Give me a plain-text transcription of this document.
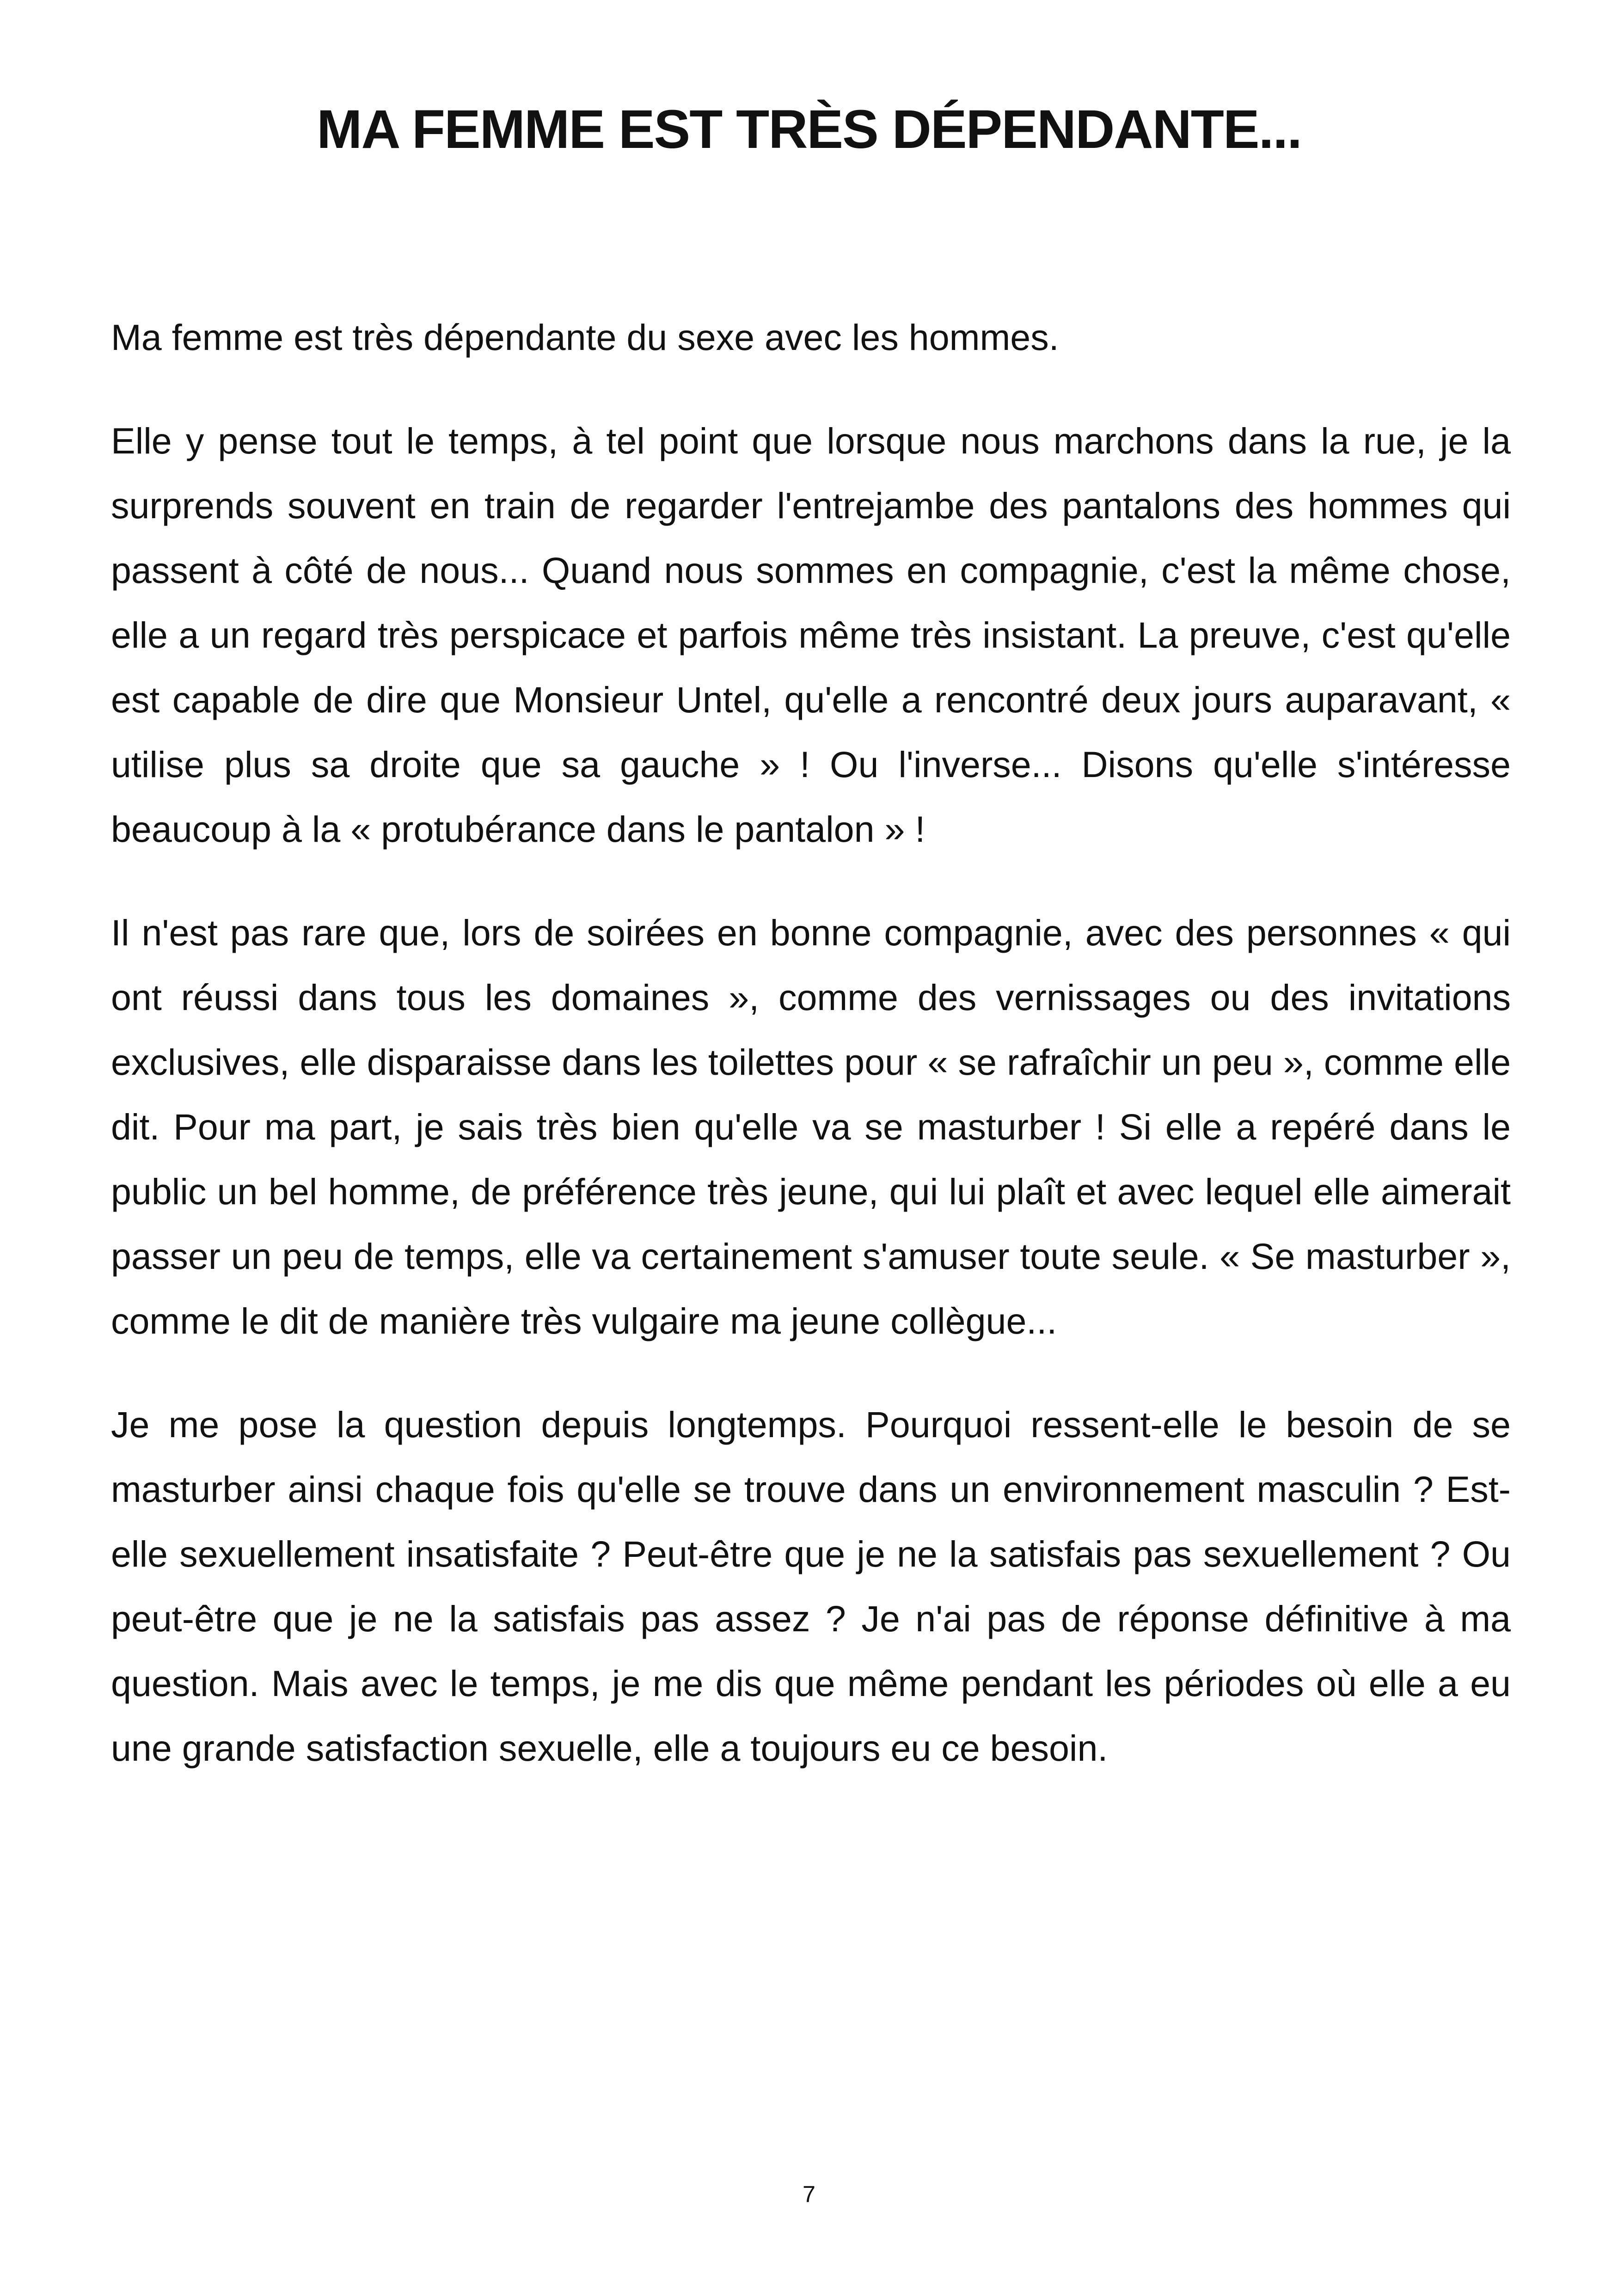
MA FEMME EST TRÈS DÉPENDANTE...

Ma femme est très dépendante du sexe avec les hommes.

Elle y pense tout le temps, à tel point que lorsque nous marchons dans la rue, je la surprends souvent en train de regarder l'entrejambe des pantalons des hommes qui passent à côté de nous... Quand nous sommes en compagnie, c'est la même chose, elle a un regard très perspicace et parfois même très insistant. La preuve, c'est qu'elle est capable de dire que Monsieur Untel, qu'elle a rencontré deux jours auparavant, « utilise plus sa droite que sa gauche » ! Ou l'inverse... Disons qu'elle s'intéresse beaucoup à la « protubérance dans le pantalon » !

Il n'est pas rare que, lors de soirées en bonne compagnie, avec des personnes « qui ont réussi dans tous les domaines », comme des vernissages ou des invitations exclusives, elle disparaisse dans les toilettes pour « se rafraîchir un peu », comme elle dit. Pour ma part, je sais très bien qu'elle va se masturber ! Si elle a repéré dans le public un bel homme, de préférence très jeune, qui lui plaît et avec lequel elle aimerait passer un peu de temps, elle va certainement s'amuser toute seule. « Se masturber », comme le dit de manière très vulgaire ma jeune collègue...

Je me pose la question depuis longtemps. Pourquoi ressent-elle le besoin de se masturber ainsi chaque fois qu'elle se trouve dans un environnement masculin ? Est-elle sexuellement insatisfaite ? Peut-être que je ne la satisfais pas sexuellement ? Ou peut-être que je ne la satisfais pas assez ? Je n'ai pas de réponse définitive à ma question. Mais avec le temps, je me dis que même pendant les périodes où elle a eu une grande satisfaction sexuelle, elle a toujours eu ce besoin.

7
